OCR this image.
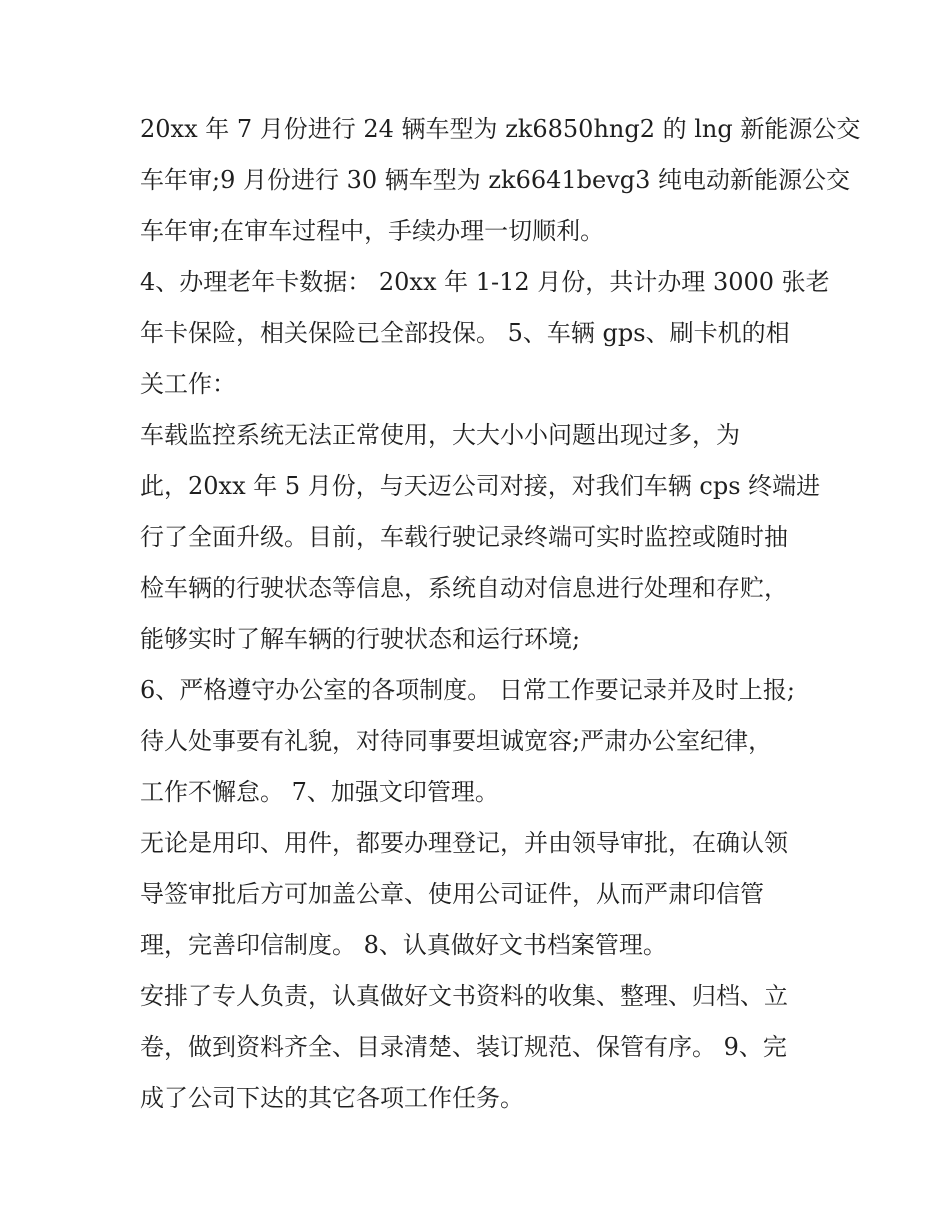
20xx 年 7 月份进行 24 辆车型为 zk6850hng2 的 lng 新能源公交
车年审;9 月份进行 30 辆车型为 zk6641bevg3 纯电动新能源公交
车年审;在审车过程中，手续办理一切顺利。
4、办理老年卡数据： 20xx 年 1-12 月份，共计办理 3000 张老
年卡保险，相关保险已全部投保。 5、车辆 gps、刷卡机的相
关工作：
车载监控系统无法正常使用，大大小小问题出现过多，为
此，20xx 年 5 月份，与天迈公司对接，对我们车辆 cps 终端进
行了全面升级。目前，车载行驶记录终端可实时监控或随时抽
检车辆的行驶状态等信息，系统自动对信息进行处理和存贮，
能够实时了解车辆的行驶状态和运行环境;
6、严格遵守办公室的各项制度。 日常工作要记录并及时上报;
待人处事要有礼貌，对待同事要坦诚宽容;严肃办公室纪律，
工作不懈怠。 7、加强文印管理。
无论是用印、用件，都要办理登记，并由领导审批，在确认领
导签审批后方可加盖公章、使用公司证件，从而严肃印信管
理，完善印信制度。 8、认真做好文书档案管理。
安排了专人负责，认真做好文书资料的收集、整理、归档、立
卷，做到资料齐全、目录清楚、装订规范、保管有序。 9、完
成了公司下达的其它各项工作任务。
